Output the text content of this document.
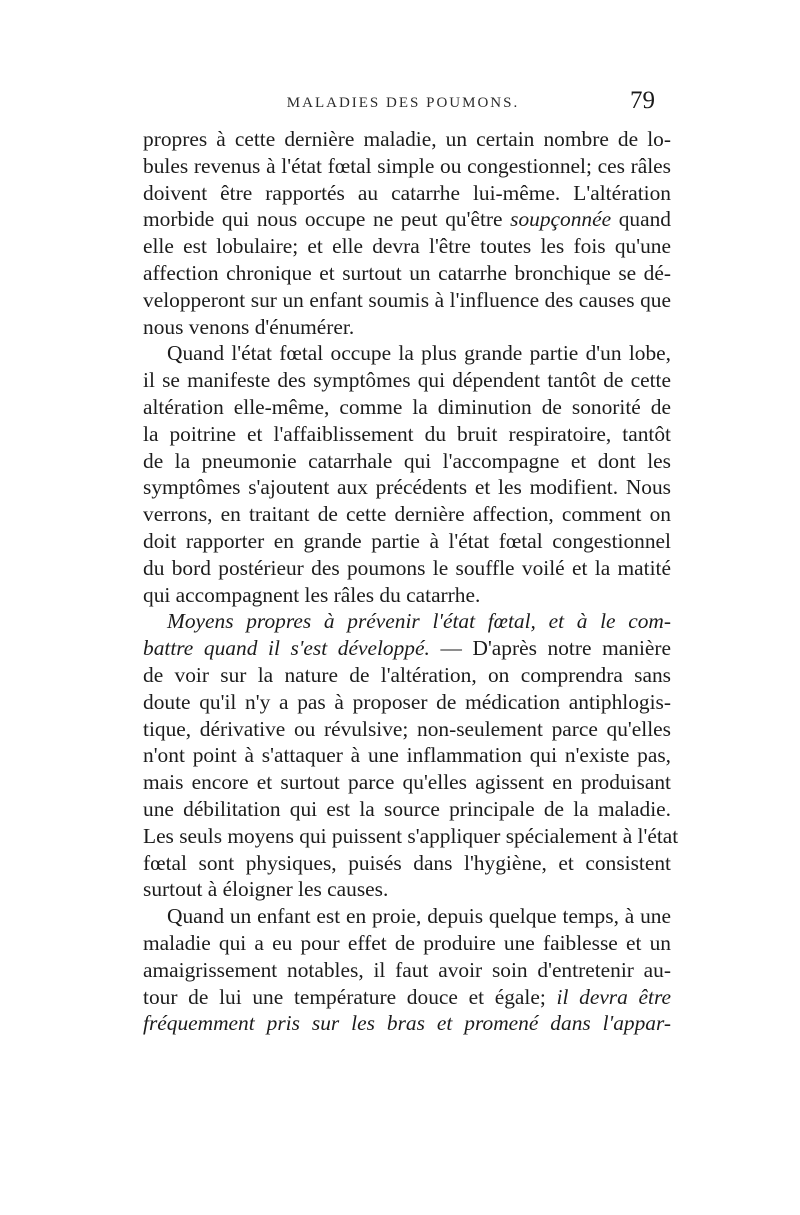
MALADIES DES POUMONS.	79
propres à cette dernière maladie, un certain nombre de lo-
bules revenus à l'état fœtal simple ou congestionnel; ces râles
doivent être rapportés au catarrhe lui-même. L'altération
morbide qui nous occupe ne peut qu'être soupçonnée quand
elle est lobulaire; et elle devra l'être toutes les fois qu'une
affection chronique et surtout un catarrhe bronchique se dé-
velopperont sur un enfant soumis à l'influence des causes que
nous venons d'énumérer.
Quand l'état fœtal occupe la plus grande partie d'un lobe,
il se manifeste des symptômes qui dépendent tantôt de cette
altération elle-même, comme la diminution de sonorité de
la poitrine et l'affaiblissement du bruit respiratoire, tantôt
de la pneumonie catarrhale qui l'accompagne et dont les
symptômes s'ajoutent aux précédents et les modifient. Nous
verrons, en traitant de cette dernière affection, comment on
doit rapporter en grande partie à l'état fœtal congestionnel
du bord postérieur des poumons le souffle voilé et la matité
qui accompagnent les râles du catarrhe.
Moyens propres à prévenir l'état fœtal, et à le com-
battre quand il s'est développé. — D'après notre manière
de voir sur la nature de l'altération, on comprendra sans
doute qu'il n'y a pas à proposer de médication antiphlogis-
tique, dérivative ou révulsive; non-seulement parce qu'elles
n'ont point à s'attaquer à une inflammation qui n'existe pas,
mais encore et surtout parce qu'elles agissent en produisant
une débilitation qui est la source principale de la maladie.
Les seuls moyens qui puissent s'appliquer spécialement à l'état
fœtal sont physiques, puisés dans l'hygiène, et consistent
surtout à éloigner les causes.
Quand un enfant est en proie, depuis quelque temps, à une
maladie qui a eu pour effet de produire une faiblesse et un
amaigrissement notables, il faut avoir soin d'entretenir au-
tour de lui une température douce et égale; il devra être
fréquemment pris sur les bras et promené dans l'appar-
